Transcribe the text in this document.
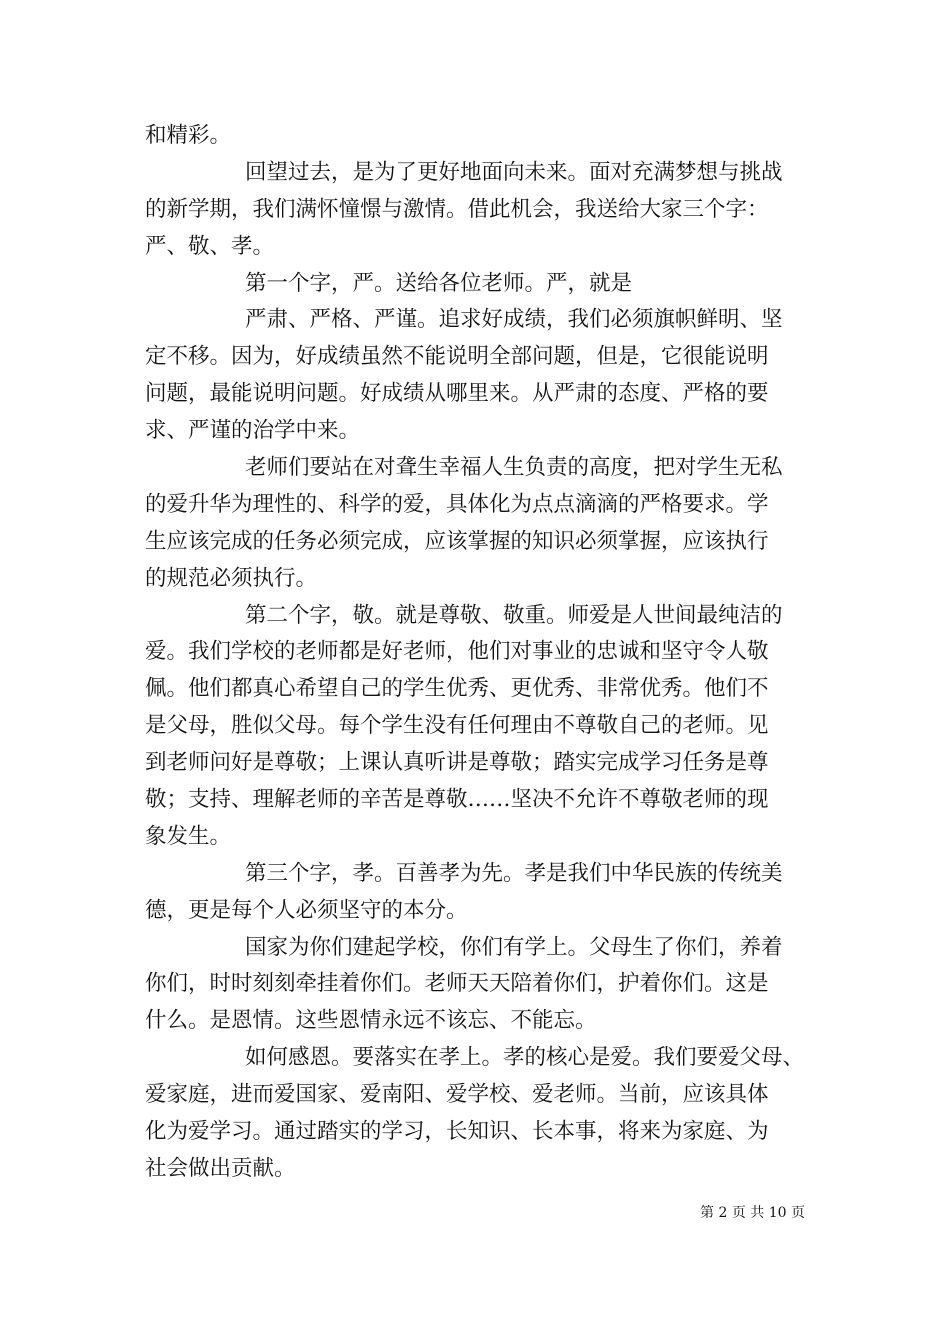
和精彩。
回望过去，是为了更好地面向未来。面对充满梦想与挑战
的新学期，我们满怀憧憬与激情。借此机会，我送给大家三个字：
严、敬、孝。
第一个字，严。送给各位老师。严，就是
严肃、严格、严谨。追求好成绩，我们必须旗帜鲜明、坚
定不移。因为，好成绩虽然不能说明全部问题，但是，它很能说明
问题，最能说明问题。好成绩从哪里来。从严肃的态度、严格的要
求、严谨的治学中来。
老师们要站在对聋生幸福人生负责的高度，把对学生无私
的爱升华为理性的、科学的爱，具体化为点点滴滴的严格要求。学
生应该完成的任务必须完成，应该掌握的知识必须掌握，应该执行
的规范必须执行。
第二个字，敬。就是尊敬、敬重。师爱是人世间最纯洁的
爱。我们学校的老师都是好老师，他们对事业的忠诚和坚守令人敬
佩。他们都真心希望自己的学生优秀、更优秀、非常优秀。他们不
是父母，胜似父母。每个学生没有任何理由不尊敬自己的老师。见
到老师问好是尊敬；上课认真听讲是尊敬；踏实完成学习任务是尊
敬；支持、理解老师的辛苦是尊敬……坚决不允许不尊敬老师的现
象发生。
第三个字，孝。百善孝为先。孝是我们中华民族的传统美
德，更是每个人必须坚守的本分。
国家为你们建起学校，你们有学上。父母生了你们，养着
你们，时时刻刻牵挂着你们。老师天天陪着你们，护着你们。这是
什么。是恩情。这些恩情永远不该忘、不能忘。
如何感恩。要落实在孝上。孝的核心是爱。我们要爱父母、
爱家庭，进而爱国家、爱南阳、爱学校、爱老师。当前，应该具体
化为爱学习。通过踏实的学习，长知识、长本事，将来为家庭、为
社会做出贡献。
第 2 页 共 10 页
